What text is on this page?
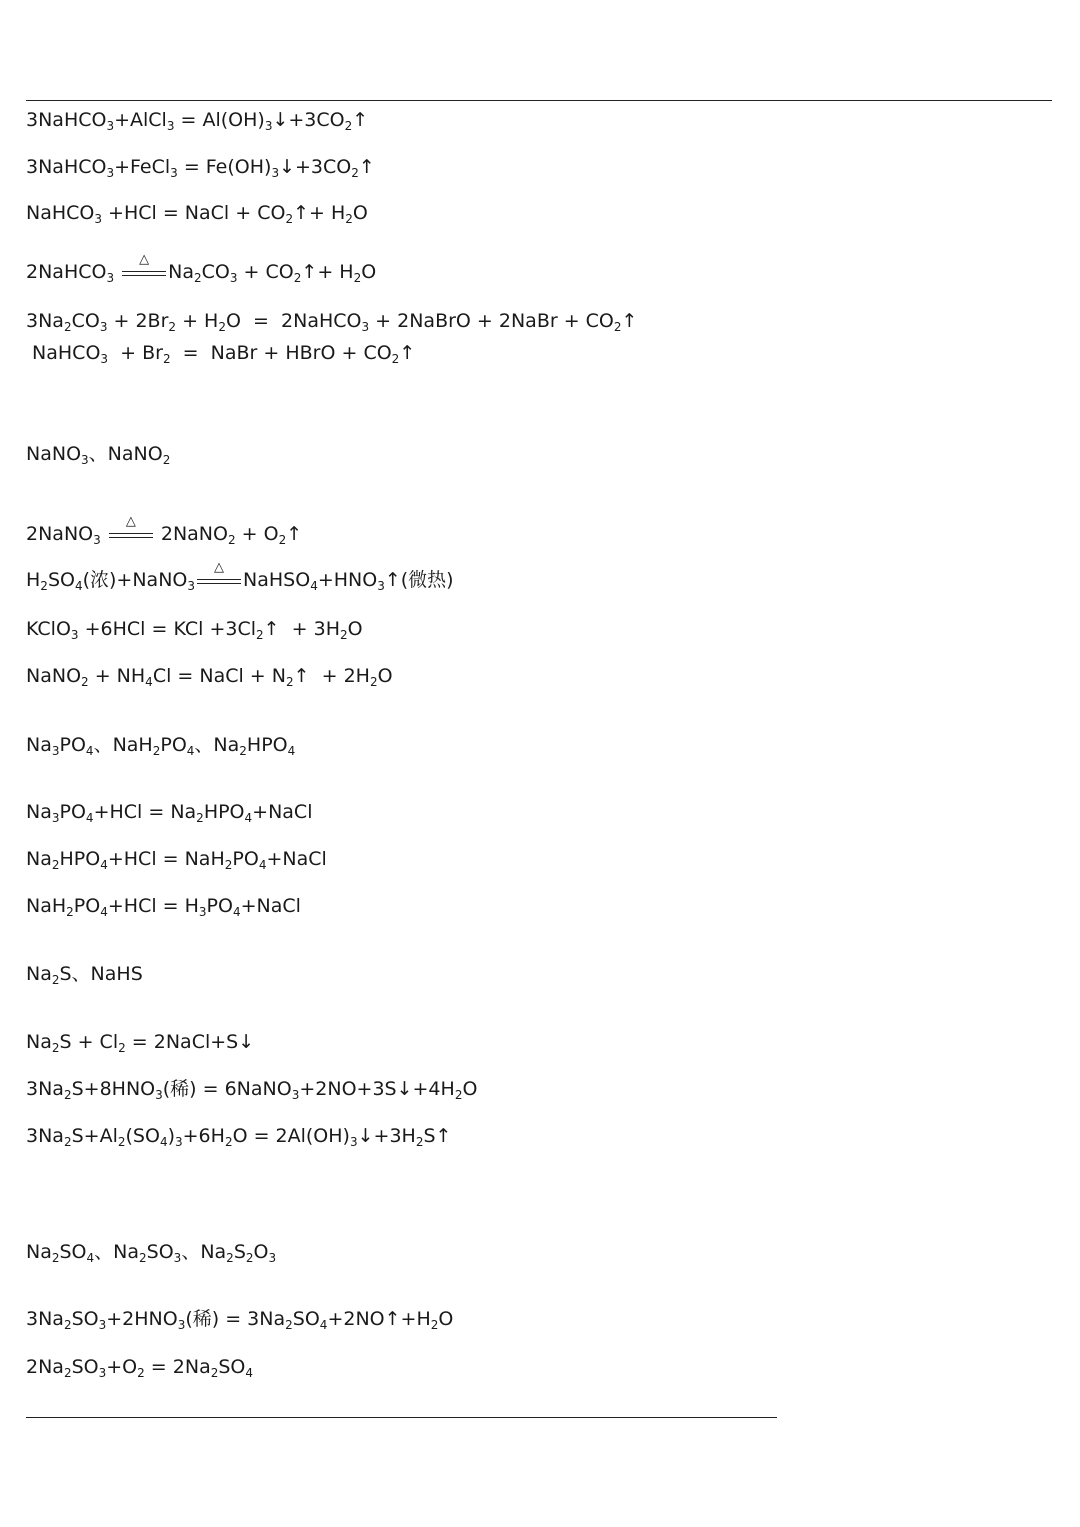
3NaHCO$_3$+AlCl$_3$ = $Al(OH)_3↓+3CO_2↑$
3NaHCO$_3$+FeCl$_3$ = $Fe(OH)_3↓+3CO_2↑$
NaHCO$_3$ +HCl = NaCl + $CO_2↑+ H_2O$
2NaHCO$_3$
△
$Na_2CO_3$ + $CO_2↑+ H_2O$
$3Na_2CO_3 + 2Br_2 + H_2O$  =  2NaHCO$_3$ + 2NaBrO + 2NaBr + $CO_2↑$
NaHCO$_3$  + $Br_2$  =  NaBr + HBrO + $CO_2↑$
NaNO$_3$、NaNO$_2$
2NaNO$_3$
△
2NaNO$_2$ + $O_2↑$
$H_2SO_4$(浓)+NaNO$_3$
△
$NaHSO_4+HNO_3↑$(微热)
KClO$_3$ +6HCl = KCl $+3Cl_2↑ + 3H_2O$
NaNO$_2$ + $NH_4Cl$ = NaCl + $N_2↑ + 2H_2O$
$Na_3PO_4$、$NaH_2PO_4$、$Na_2HPO_4$
$Na_3PO_4+HCl$ = $Na_2HPO_4+NaCl$
$Na_2HPO_4+HCl$ = $NaH_2PO_4+NaCl$
$NaH_2PO_4+HCl$ = $H_3PO_4+NaCl$
$Na_2S$、NaHS
$Na_2S + Cl_2$ = 2NaCl+S↓
$3Na_2S+8HNO_3$(稀) = $6NaNO_3+2NO+3S↓+4H_2O$
$3Na_2S+Al_2(SO_4)_3+6H_2O$ = $2Al(OH)_3↓+3H_2S↑$
$Na_2SO_4$、$Na_2SO_3$、$Na_2S_2O_3$
$3Na_2SO_3+2HNO_3$(稀) = $3Na_2SO_4+2NO↑+H_2O$
$2Na_2SO_3+O_2 = 2Na_2SO_4$
